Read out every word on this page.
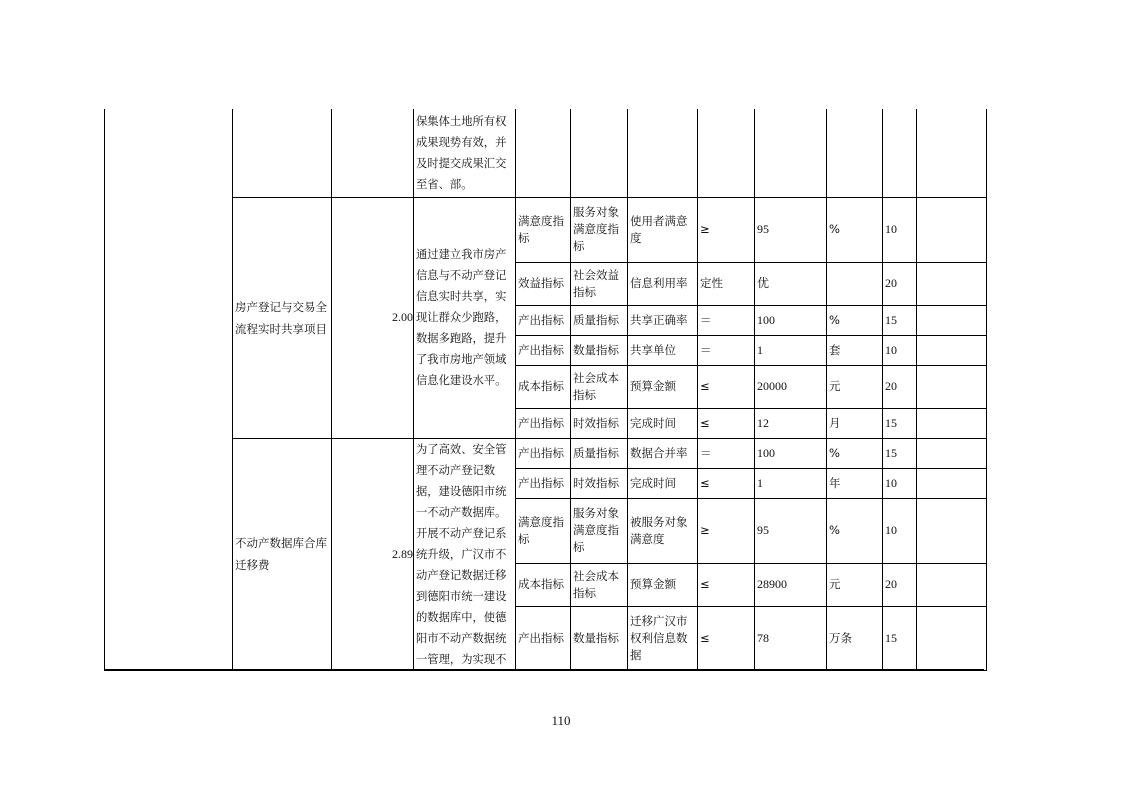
			保集体土地所有权成果现势有效，并及时提交成果汇交至省、部。								
	房产登记与交易全流程实时共享项目	2.00	通过建立我市房产信息与不动产登记信息实时共享，实现让群众少跑路，数据多跑路，提升了我市房地产领域信息化建设水平。	满意度指标	服务对象满意度指标	使用者满意度	≥	95	%	10	
				效益指标	社会效益指标	信息利用率	定性	优		20	
				产出指标	质量指标	共享正确率	＝	100	%	15	
				产出指标	数量指标	共享单位	＝	1	套	10	
				成本指标	社会成本指标	预算金额	≤	20000	元	20	
				产出指标	时效指标	完成时间	≤	12	月	15	
	不动产数据库合库迁移费	2.89	为了高效、安全管理不动产登记数据，建设德阳市统一不动产数据库。开展不动产登记系统升级，广汉市不动产登记数据迁移到德阳市统一建设的数据库中，使德阳市不动产数据统一管理，为实现不	产出指标	质量指标	数据合并率	＝	100	%	15	
				产出指标	时效指标	完成时间	≤	1	年	10	
				满意度指标	服务对象满意度指标	被服务对象满意度	≥	95	%	10	
				成本指标	社会成本指标	预算金额	≤	28900	元	20	
				产出指标	数量指标	迁移广汉市权利信息数据	≤	78	万条	15	
110
